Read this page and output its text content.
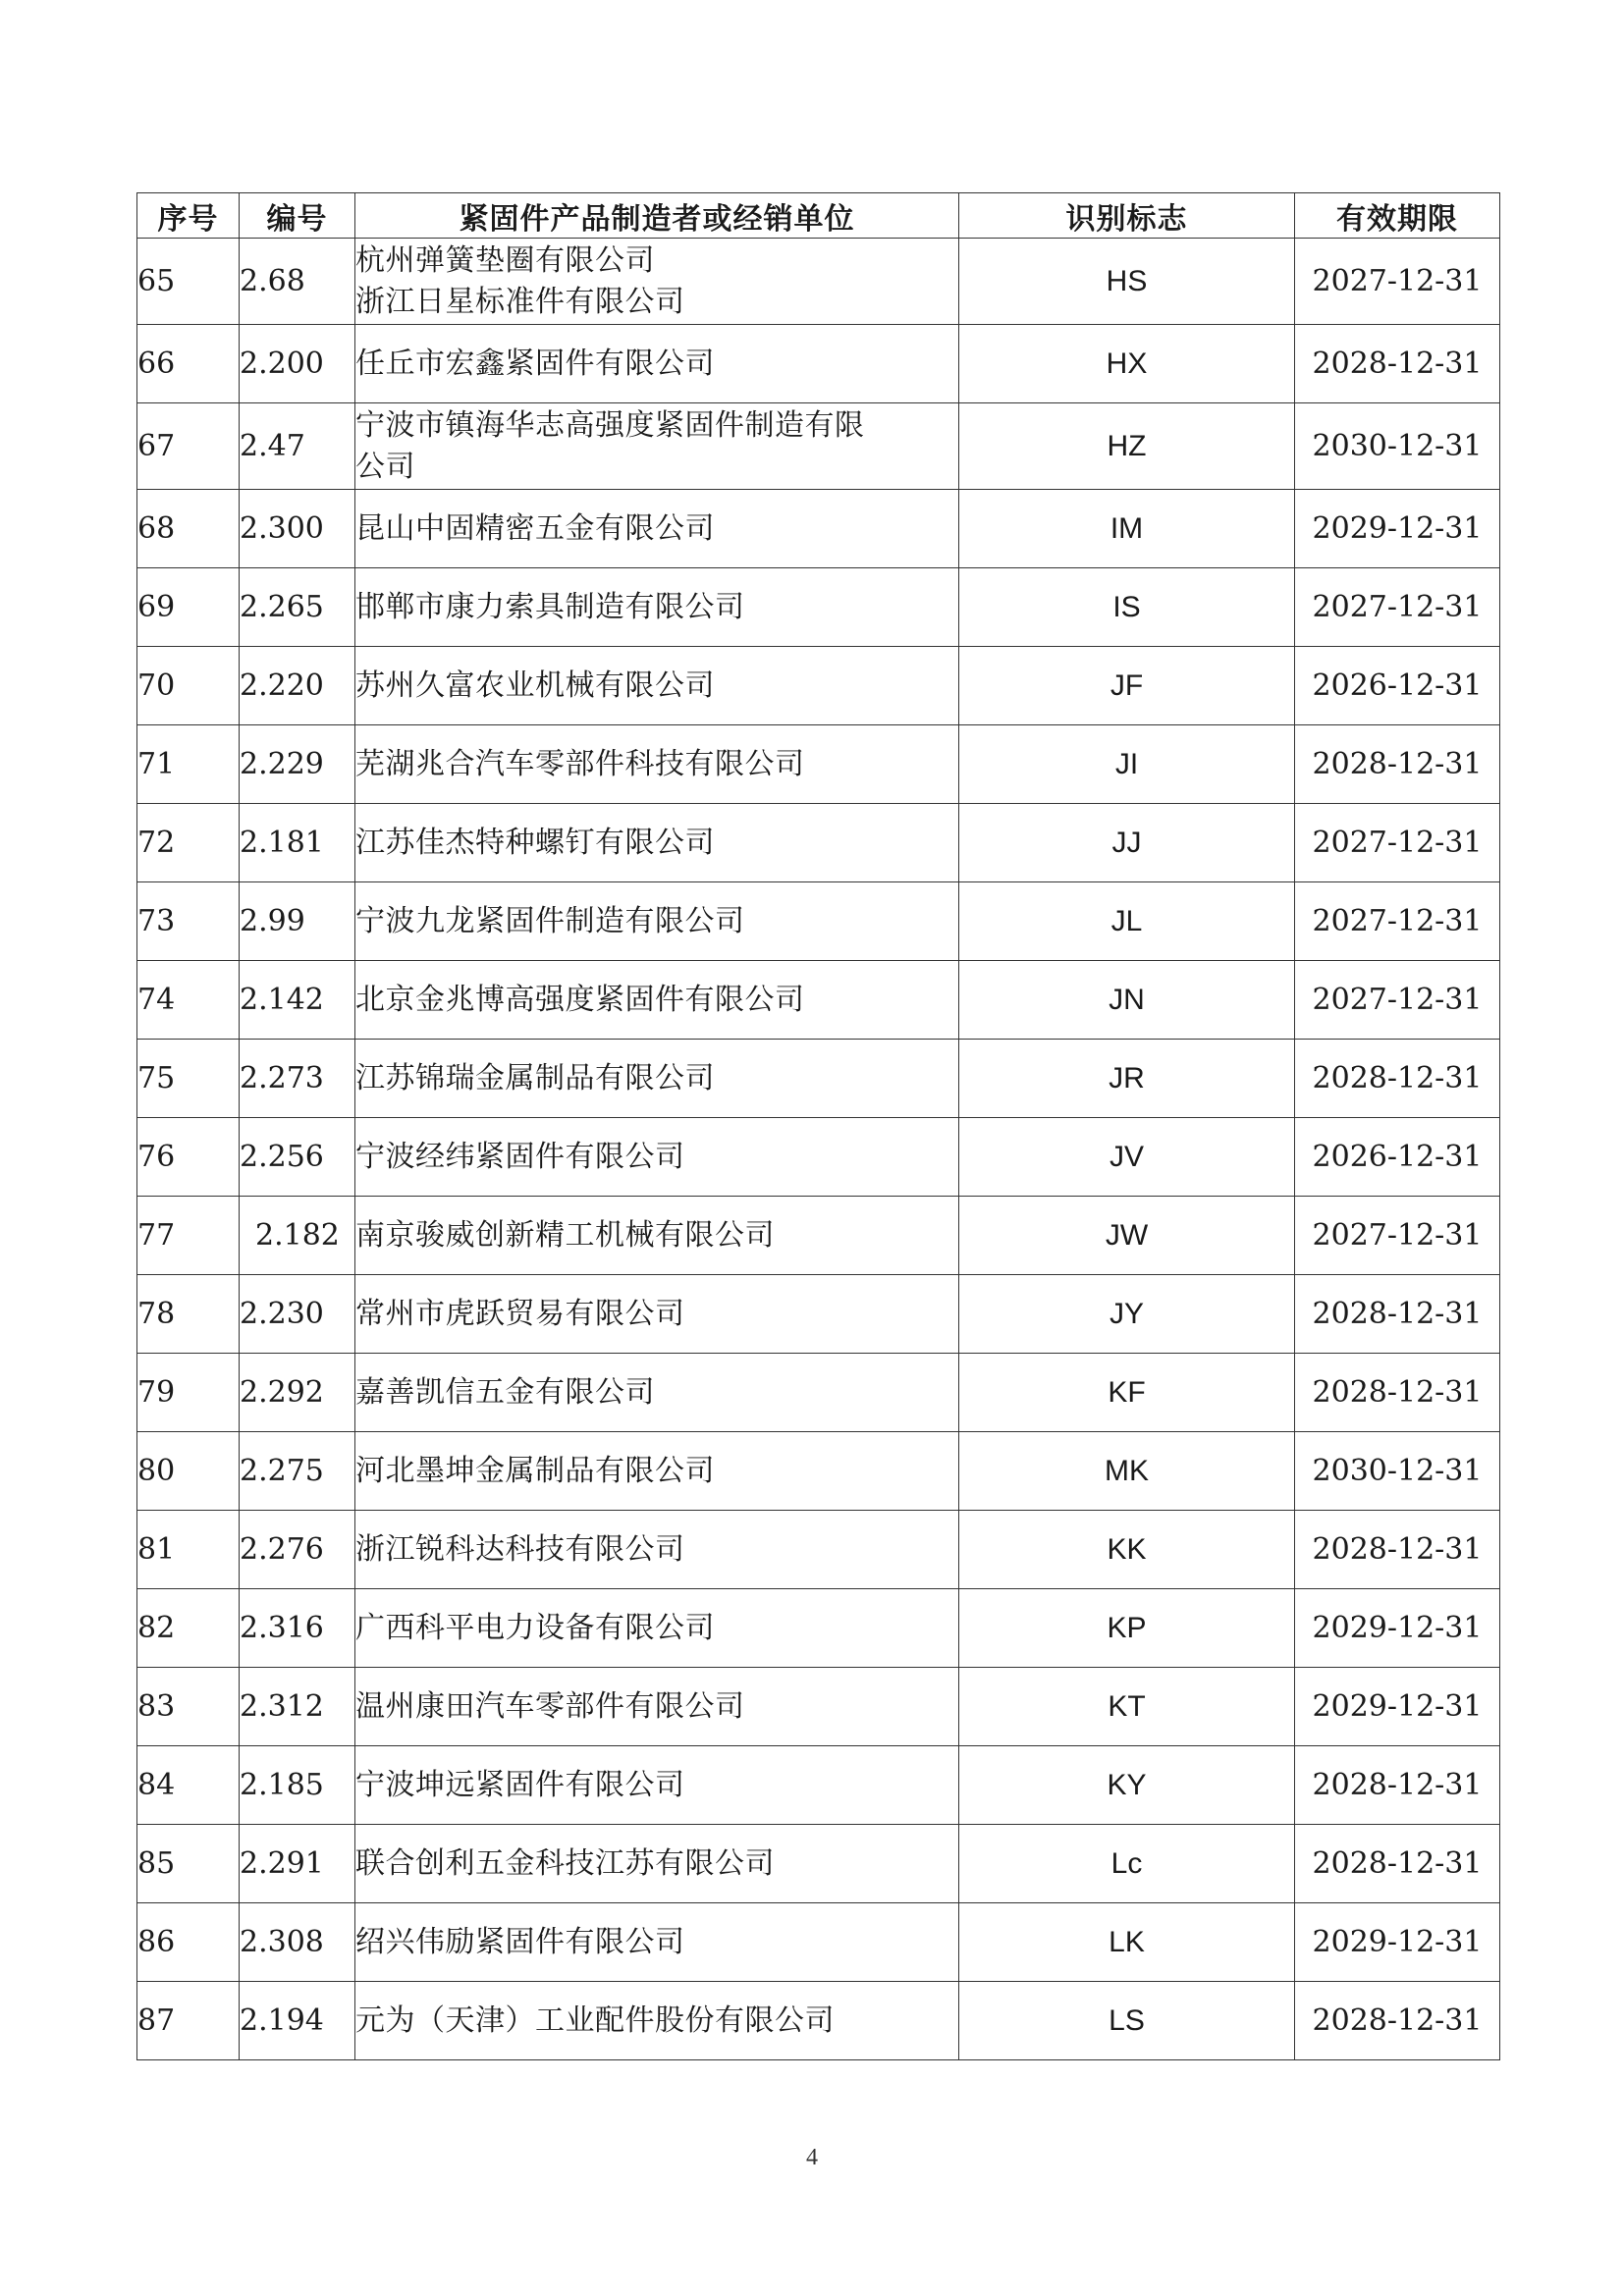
序号	编号	紧固件产品制造者或经销单位	识别标志	有效期限
65	2.68	杭州弹簧垫圈有限公司
浙江日星标准件有限公司	HS	2027-12-31
66	2.200	任丘市宏鑫紧固件有限公司	HX	2028-12-31
67	2.47	宁波市镇海华志高强度紧固件制造有限
公司	HZ	2030-12-31
68	2.300	昆山中固精密五金有限公司	IM	2029-12-31
69	2.265	邯郸市康力索具制造有限公司	IS	2027-12-31
70	2.220	苏州久富农业机械有限公司	JF	2026-12-31
71	2.229	芜湖兆合汽车零部件科技有限公司	JI	2028-12-31
72	2.181	江苏佳杰特种螺钉有限公司	JJ	2027-12-31
73	2.99	宁波九龙紧固件制造有限公司	JL	2027-12-31
74	2.142	北京金兆博高强度紧固件有限公司	JN	2027-12-31
75	2.273	江苏锦瑞金属制品有限公司	JR	2028-12-31
76	2.256	宁波经纬紧固件有限公司	JV	2026-12-31
77	2.182	南京骏威创新精工机械有限公司	JW	2027-12-31
78	2.230	常州市虎跃贸易有限公司	JY	2028-12-31
79	2.292	嘉善凯信五金有限公司	KF	2028-12-31
80	2.275	河北墨坤金属制品有限公司	MK	2030-12-31
81	2.276	浙江锐科达科技有限公司	KK	2028-12-31
82	2.316	广西科平电力设备有限公司	KP	2029-12-31
83	2.312	温州康田汽车零部件有限公司	KT	2029-12-31
84	2.185	宁波坤远紧固件有限公司	KY	2028-12-31
85	2.291	联合创利五金科技江苏有限公司	Lc	2028-12-31
86	2.308	绍兴伟励紧固件有限公司	LK	2029-12-31
87	2.194	元为（天津）工业配件股份有限公司	LS	2028-12-31
4
